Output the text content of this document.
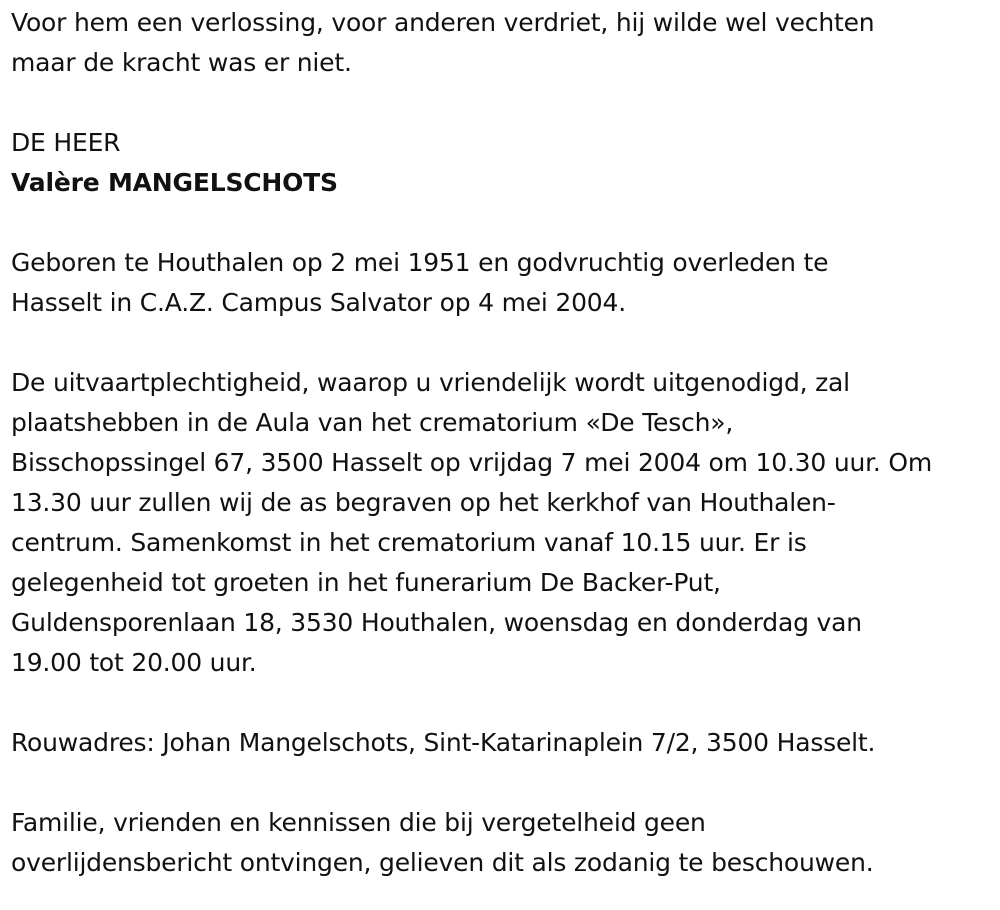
Voor hem een verlossing, voor anderen verdriet, hij wilde wel vechten
maar de kracht was er niet.

DE HEER

Valère MANGELSCHOTS

Geboren te Houthalen op 2 mei 1951 en godvruchtig overleden te
Hasselt in C.A.Z. Campus Salvator op 4 mei 2004.

De uitvaartplechtigheid, waarop u vriendelijk wordt uitgenodigd, zal
plaatshebben in de Aula van het crematorium «De Tesch»,
Bisschopssingel 67, 3500 Hasselt op vrijdag 7 mei 2004 om 10.30 uur. Om
13.30 uur zullen wij de as begraven op het kerkhof van Houthalen-
centrum. Samenkomst in het crematorium vanaf 10.15 uur. Er is
gelegenheid tot groeten in het funerarium De Backer-Put,
Guldensporenlaan 18, 3530 Houthalen, woensdag en donderdag van
19.00 tot 20.00 uur.

Rouwadres: Johan Mangelschots, Sint-Katarinaplein 7/2, 3500 Hasselt.

Familie, vrienden en kennissen die bij vergetelheid geen
overlijdensbericht ontvingen, gelieven dit als zodanig te beschouwen.
